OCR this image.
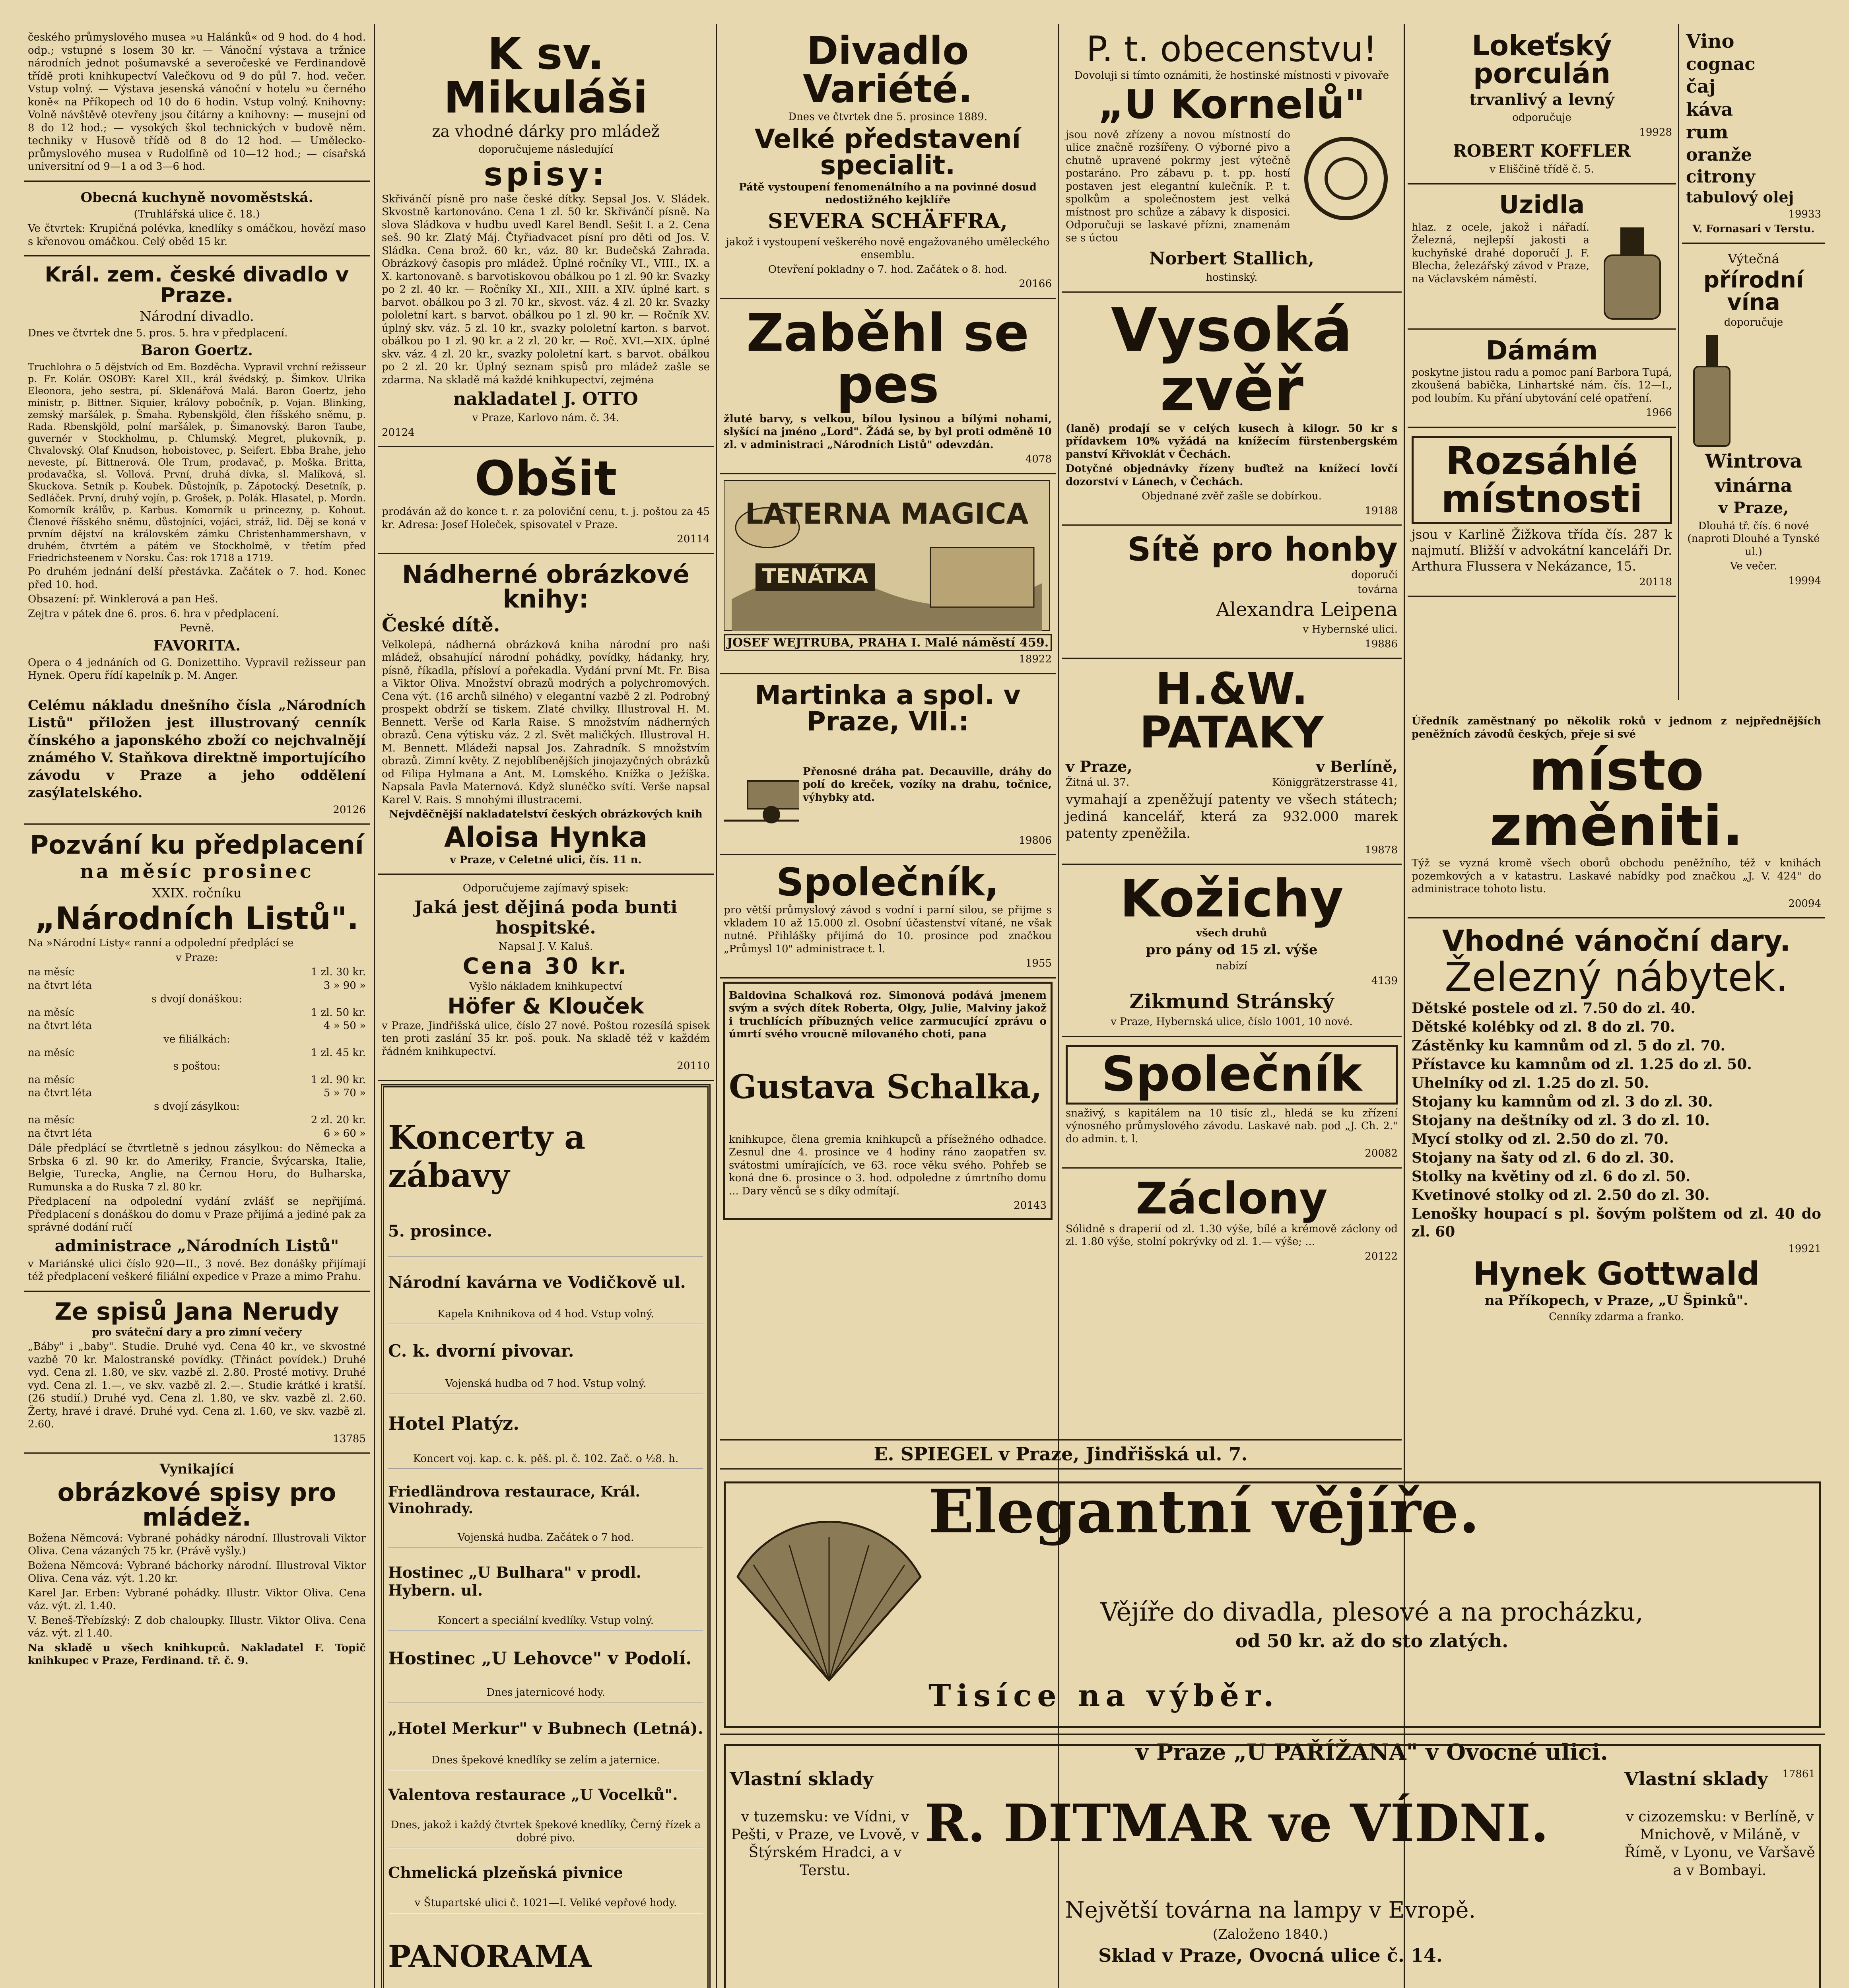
českého průmyslového musea »u Halánků« od 9 hod. do 4 hod. odp.; vstupné s losem 30 kr. — Vánoční výstava a tržnice národních jednot pošumavské a severočeské ve Ferdinandově třídě proti knihkupectví Valečkovu od 9 do půl 7. hod. večer. Vstup volný. — Výstava jesenská vánoční v hotelu »u černého koně« na Příkopech od 10 do 6 hodin. Vstup volný. Knihovny: Volně návštěvě otevřeny jsou čítárny a knihovny: — musejní od 8 do 12 hod.; — vysokých škol technických v budově něm. techniky v Husově třídě od 8 do 12 hod. — Umělecko-průmyslového musea v Rudolfině od 10—12 hod.; — císařská universitní od 9—1 a od 3—6 hod.

Obecná kuchyně novoměstská.

(Truhlářská ulice č. 18.)

Ve čtvrtek: Krupičná polévka, knedlíky s omáčkou, hovězí maso s křenovou omáčkou. Celý oběd 15 kr.

Král. zem. české divadlo v Praze.

Národní divadlo.

Dnes ve čtvrtek dne 5. pros. 5. hra v předplacení.

Baron Goertz.

Truchlohra o 5 dějstvích od Em. Bozděcha. Vypravil vrchní režisseur p. Fr. Kolár. OSOBY: Karel XII., král švédský, p. Šimkov. Ulrika Eleonora, jeho sestra, pí. Sklenářová Malá. Baron Goertz, jeho ministr, p. Bittner. Siquier, královy pobočník, p. Vojan. Blinking, zemský maršálek, p. Šmaha. Rybenskjöld, člen říšského sněmu, p. Rada. Rbenskjöld, polní maršálek, p. Šimanovský. Baron Taube, guvernér v Stockholmu, p. Chlumský. Megret, plukovník, p. Chvalovský. Olaf Knudson, hoboistovec, p. Seifert. Ebba Brahe, jeho neveste, pí. Bittnerová. Ole Trum, prodavač, p. Moška. Britta, prodavačka, sl. Vollová. První, druhá dívka, sl. Malíková, sl. Skuckova. Setník p. Koubek. Důstojník, p. Zápotocký. Desetník, p. Sedláček. První, druhý vojín, p. Grošek, p. Polák. Hlasatel, p. Mordn. Komorník králův, p. Karbus. Komorník u princezny, p. Kohout. Členové říšského sněmu, důstojníci, vojáci, stráž, lid. Děj se koná v prvním dějství na královském zámku Christenhammershavn, v druhém, čtvrtém a pátém ve Stockholmě, v třetím před Friedrichsteenem v Norsku. Čas: rok 1718 a 1719.

Po druhém jednání delší přestávka. Začátek o 7. hod. Konec před 10. hod.

Obsazení: př. Winklerová a pan Heš.

Zejtra v pátek dne 6. pros. 6. hra v předplacení.

Pevně.

FAVORITA.

Opera o 4 jednáních od G. Donizettiho. Vypravil režisseur pan Hynek. Operu řídí kapelník p. M. Anger.

Celému nákladu dnešního čísla „Národních Listů" přiložen jest illustrovaný cenník čínského a japonského zboží co nejchvalnějí známého V. Staňkova direktně importujícího závodu v Praze a jeho oddělení zasýlatelského.

20126

Pozvání ku předplacení
na měsíc prosinec

XXIX. ročníku

„Národních Listů".

Na »Národní Listy« ranní a odpolední předplácí se

v Praze:

na měsíc	1 zl. 30 kr.
na čtvrt léta	3 » 90 »
s dvojí donáškou:
na měsíc	1 zl. 50 kr.
na čtvrt léta	4 » 50 »
ve filiálkách:
na měsíc	1 zl. 45 kr.
s poštou:
na měsíc	1 zl. 90 kr.
na čtvrt léta	5 » 70 »
s dvojí zásylkou:
na měsíc	2 zl. 20 kr.
na čtvrt léta	6 » 60 »

Dále předplácí se čtvrtletně s jednou zásylkou: do Německa a Srbska 6 zl. 90 kr. do Ameriky, Francie, Švýcarska, Italie, Belgie, Turecka, Anglie, na Černou Horu, do Bulharska, Rumunska a do Ruska 7 zl. 80 kr.

Předplacení na odpolední vydání zvlášť se nepřijímá. Předplacení s donáškou do domu v Praze přijímá a jediné pak za správné dodání ručí

administrace „Národních Listů"

v Mariánské ulici číslo 920—II., 3 nové. Bez donášky přijímají též předplacení veškeré filiální expedice v Praze a mimo Prahu.

Ze spisů Jana Nerudy

pro sváteční dary a pro zimní večery

„Báby" i „baby". Studie. Druhé vyd. Cena 40 kr., ve skvostné vazbě 70 kr. Malostranské povídky. (Třináct povídek.) Druhé vyd. Cena zl. 1.80, ve skv. vazbě zl. 2.80. Prosté motivy. Druhé vyd. Cena zl. 1.—, ve skv. vazbě zl. 2.—. Studie krátké i kratší. (26 studií.) Druhé vyd. Cena zl. 1.80, ve skv. vazbě zl. 2.60. Žerty, hravé i dravé. Druhé vyd. Cena zl. 1.60, ve skv. vazbě zl. 2.60.

13785

Vynikající

obrázkové spisy pro mládež.

Božena Němcová: Vybrané pohádky národní. Illustrovali Viktor Oliva. Cena vázaných 75 kr. (Právě vyšly.)

Božena Němcová: Vybrané báchorky národní. Illustroval Viktor Oliva. Cena váz. výt. 1.20 kr.

Karel Jar. Erben: Vybrané pohádky. Illustr. Viktor Oliva. Cena váz. výt. zl. 1.40.

V. Beneš-Třebízský: Z dob chaloupky. Illustr. Viktor Oliva. Cena váz. výt. zl 1.40.

Na skladě u všech knihkupců. Nakladatel F. Topič knihkupec v Praze, Ferdinand. tř. č. 9.

K sv. Mikuláši

za vhodné dárky pro mládež

doporučujeme následující

spisy:

Skřivánčí písně pro naše české dítky. Sepsal Jos. V. Sládek. Skvostně kartonováno. Cena 1 zl. 50 kr. Skřivánčí písně. Na slova Sládkova v hudbu uvedl Karel Bendl. Sešit I. a 2. Cena seš. 90 kr. Zlatý Máj. Čtyřiadvacet písní pro děti od Jos. V. Sládka. Cena brož. 60 kr., váz. 80 kr. Budečská Zahrada. Obrázkový časopis pro mládež. Úplné ročníky VI., VIII., IX. a X. kartonovaně. s barvotiskovou obálkou po 1 zl. 90 kr. Svazky po 2 zl. 40 kr. — Ročníky XI., XII., XIII. a XIV. úplné kart. s barvot. obálkou po 3 zl. 70 kr., skvost. váz. 4 zl. 20 kr. Svazky pololetní kart. s barvot. obálkou po 1 zl. 90 kr. — Ročník XV. úplný skv. váz. 5 zl. 10 kr., svazky pololetní karton. s barvot. obálkou po 1 zl. 90 kr. a 2 zl. 20 kr. — Roč. XVI.—XIX. úplné skv. váz. 4 zl. 20 kr., svazky pololetní kart. s barvot. obálkou po 2 zl. 20 kr. Úplný seznam spisů pro mládež zašle se zdarma. Na skladě má každé knihkupectví, zejména

nakladatel J. OTTO

v Praze, Karlovo nám. č. 34.

20124

Obšit

prodáván až do konce t. r. za poloviční cenu, t. j. poštou za 45 kr. Adresa: Josef Holeček, spisovatel v Praze.

20114

Nádherné obrázkové knihy:
České dítě.

Velkolepá, nádherná obrázková kniha národní pro naši mládež, obsahující národní pohádky, povídky, hádanky, hry, písně, říkadla, přísloví a pořekadla. Vydání první Mt. Fr. Bisa a Viktor Oliva. Množství obrazů modrých a polychromových. Cena výt. (16 archů silného) v elegantní vazbě 2 zl. Podrobný prospekt obdrží se tiskem. Zlaté chvilky. Illustroval H. M. Bennett. Verše od Karla Raise. S množstvím nádherných obrazů. Cena výtisku váz. 2 zl. Svět maličkých. Illustroval H. M. Bennett. Mládeži napsal Jos. Zahradník. S množstvím obrazů. Zimní květy. Z nejoblíbenějších jinojazyčných obrázků od Filipa Hylmana a Ant. M. Lomského. Knížka o Ježíška. Napsala Pavla Maternová. Když slunéčko svítí. Verše napsal Karel V. Rais. S mnohými illustracemi.

Nejvděčnější nakladatelství českých obrázkových knih

Aloisa Hynka

v Praze, v Celetné ulici, čís. 11 n.

Odporučujeme zajímavý spisek:

Jaká jest dějiná poda bunti hospitské.

Napsal J. V. Kaluš.

Cena 30 kr.

Vyšlo nákladem knihkupectví

Höfer & Klouček

v Praze, Jindřišská ulice, číslo 27 nové. Poštou rozesílá spisek ten proti zaslání 35 kr. poš. pouk. Na skladě též v každém řádném knihkupectví.

20110

Koncerty a zábavy
5. prosince.
Národní kavárna ve Vodičkově ul.

Kapela Knihnikova od 4 hod. Vstup volný.

C. k. dvorní pivovar.

Vojenská hudba od 7 hod. Vstup volný.

Hotel Platýz.

Koncert voj. kap. c. k. pěš. pl. č. 102. Zač. o ½8. h.

Friedländrova restaurace, Král. Vinohrady.

Vojenská hudba. Začátek o 7 hod.

Hostinec „U Bulhara" v prodl. Hybern. ul.

Koncert a speciální kvedlíky. Vstup volný.

Hostinec „U Lehovce" v Podolí.

Dnes jaternicové hody.

„Hotel Merkur" v Bubnech (Letná).

Dnes špekové knedlíky se zelím a jaternice.

Valentova restaurace „U Vocelků".

Dnes, jakož i každý čtvrtek špekové knedlíky, Černý řízek a dobré pivo.

Chmelická plzeňská pivnice

v Štupartské ulici č. 1021—I. Veliké vepřové hody.

PANORAMA

Divadlo Variété.

Dnes ve čtvrtek dne 5. prosince 1889.

Velké představení specialit.

Pátě vystoupení fenomenálního a na povinné dosud nedostižného kejklíře

SEVERA SCHÄFFRA,

jakož i vystoupení veškerého nově engažovaného uměleckého ensemblu.

Otevření pokladny o 7. hod. Začátek o 8. hod.

20166

Zaběhl se pes

žluté barvy, s velkou, bílou lysinou a bílými nohami, slyšící na jméno „Lord". Žádá se, by byl proti odměně 10 zl. v administraci „Národních Listů" odevzdán.

4078

TENÁTKA
LATERNA MAGICA

JOSEF WEJTRUBA, PRAHA I. Malé náměstí 459.

18922

Martinka a spol. v Praze, VII.:

Přenosné dráha pat. Decauville, dráhy do polí do kreček, vozíky na drahu, točnice, výhybky atd.

19806

Společník,

pro větší průmyslový závod s vodní i parní silou, se přijme s vkladem 10 až 15.000 zl. Osobní účastenství vítané, ne však nutné. Přihlášky přijímá do 10. prosince pod značkou „Průmysl 10" administrace t. l.

1955

Baldovina Schalková roz. Simonová podává jmenem svým a svých dítek Roberta, Olgy, Julie, Malviny jakož i truchlících příbuzných velice zarmucující zprávu o úmrtí svého vroucně milovaného choti, pana

Gustava Schalka,

knihkupce, člena gremia knihkupců a přísežného odhadce. Zesnul dne 4. prosince ve 4 hodiny ráno zaopatřen sv. svátostmi umírajících, ve 63. roce věku svého. Pohřeb se koná dne 6. prosince o 3. hod. odpoledne z úmrtního domu ... Dary věnců se s díky odmítají.

20143

P. t. obecenstvu!

Dovoluji si tímto oznámiti, že hostinské místnosti v pivovaře

„U Kornelů"

jsou nově zřízeny a novou místností do ulice značně rozšířeny. O výborné pivo a chutně upravené pokrmy jest výtečně postaráno. Pro zábavu p. t. pp. hostí postaven jest elegantní kulečník. P. t. spolkům a společnostem jest velká místnost pro schůze a zábavy k disposici. Odporučuji se laskavé přízni, znamenám se s úctou

Norbert Stallich,

hostinský.

Vysoká zvěř

(laně) prodají se v celých kusech à kilogr. 50 kr s přídavkem 10% vyžádá na knížecím fürstenbergském panství Křivoklát v Čechách.

Dotyčné objednávky řízeny buďtež na knížecí lovčí dozorství v Lánech, v Čechách.

Objednané zvěř zašle se dobírkou.

19188

Sítě pro honby

doporučí

továrna

Alexandra Leipena

v Hybernské ulici.

19886

H.&W. PATAKY
v Praze,	v Berlíně,
Žitná ul. 37.	Königgrätzerstrasse 41,

vymahají a zpeněžují patenty ve všech státech; jediná kancelář, která za 932.000 marek patenty zpeněžila.

19878

Kožichy

všech druhů

pro pány od 15 zl. výše

nabízí

4139

Zikmund Stránský

v Praze, Hybernská ulice, číslo 1001, 10 nové.

Společník

snaživý, s kapitálem na 10 tisíc zl., hledá se ku zřízení výnosného průmyslového závodu. Laskavé nab. pod „J. Ch. 2." do admin. t. l.

20082

Záclony

Sólidně s draperií od zl. 1.30 výše, bílé a krémově záclony od zl. 1.80 výše, stolní pokrývky od zl. 1.— výše; ...

20122

E. SPIEGEL v Praze, Jindřišská ul. 7.

Lokeťský porculán

trvanlivý a levný

odporučuje

19928

ROBERT KOFFLER

v Eliščině třídě č. 5.

Uzidla

hlaz. z ocele, jakož i nářadí. Železná, nejlepší jakosti a kuchyňské drahé doporučí J. F. Blecha, železářský závod v Praze, na Václavském náměstí.

Dámám

poskytne jistou radu a pomoc paní Barbora Tupá, zkoušená babička, Linhartské nám. čís. 12—I., pod loubím. Ku přání ubytování celé opatření.

1966

Rozsáhlé místnosti

jsou v Karlině Žižkova třída čís. 287 k najmutí. Bližší v advokátní kanceláři Dr. Arthura Flussera v Nekázance, 15.

20118

Úředník zaměstnaný po několik roků v jednom z nejpřednějších peněžních závodů českých, přeje si své

místo změniti.

Týž se vyzná kromě všech oborů obchodu peněžního, též v knihách pozemkových a v katastru. Laskavé nabídky pod značkou „J. V. 424" do administrace tohoto listu.

20094

Vhodné vánoční dary.
Železný nábytek.

Dětské postele od zl. 7.50 do zl. 40.

Dětské kolébky od zl. 8 do zl. 70.

Zástěnky ku kamnům od zl. 5 do zl. 70.

Přístavce ku kamnům od zl. 1.25 do zl. 50.

Uhelníky od zl. 1.25 do zl. 50.

Stojany ku kamnům od zl. 3 do zl. 30.

Stojany na deštníky od zl. 3 do zl. 10.

Mycí stolky od zl. 2.50 do zl. 70.

Stojany na šaty od zl. 6 do zl. 30.

Stolky na květiny od zl. 6 do zl. 50.

Kvetinové stolky od zl. 2.50 do zl. 30.

Lenošky houpací s pl. šovým polštem od zl. 40 do zl. 60

19921

Hynek Gottwald

na Příkopech, v Praze, „U Špinků".

Cenníky zdarma a franko.

Vino

cognac

čaj

káva

rum

oranže

citrony

tabulový olej

19933

V. Fornasari v Terstu.

Výtečná

přírodní vína

doporučuje

Wintrova
vinárna
v Praze,

Dlouhá tř. čís. 6 nové (naproti Dlouhé a Tynské ul.)

Ve večer.

19994

Elegantní vějíře.

Vějíře do divadla, plesové a na procházku,

od 50 kr. až do sto zlatých.

Tisíce na výběr.

v Praze „U PAŘÍŽANA" v Ovocné ulici.

17861

Vlastní sklady

v tuzemsku: ve Vídni, v Pešti, v Praze, ve Lvově, v Štýrském Hradci, a v Terstu.

Vlastní sklady

v cizozemsku: v Berlíně, v Mnichově, v Miláně, v Římě, v Lyonu, ve Varšavě a v Bombayi.

R. DITMAR ve VÍDNI.

Největší továrna na lampy v Evropě.

(Založeno 1840.)

Sklad v Praze, Ovocná ulice č. 14.
